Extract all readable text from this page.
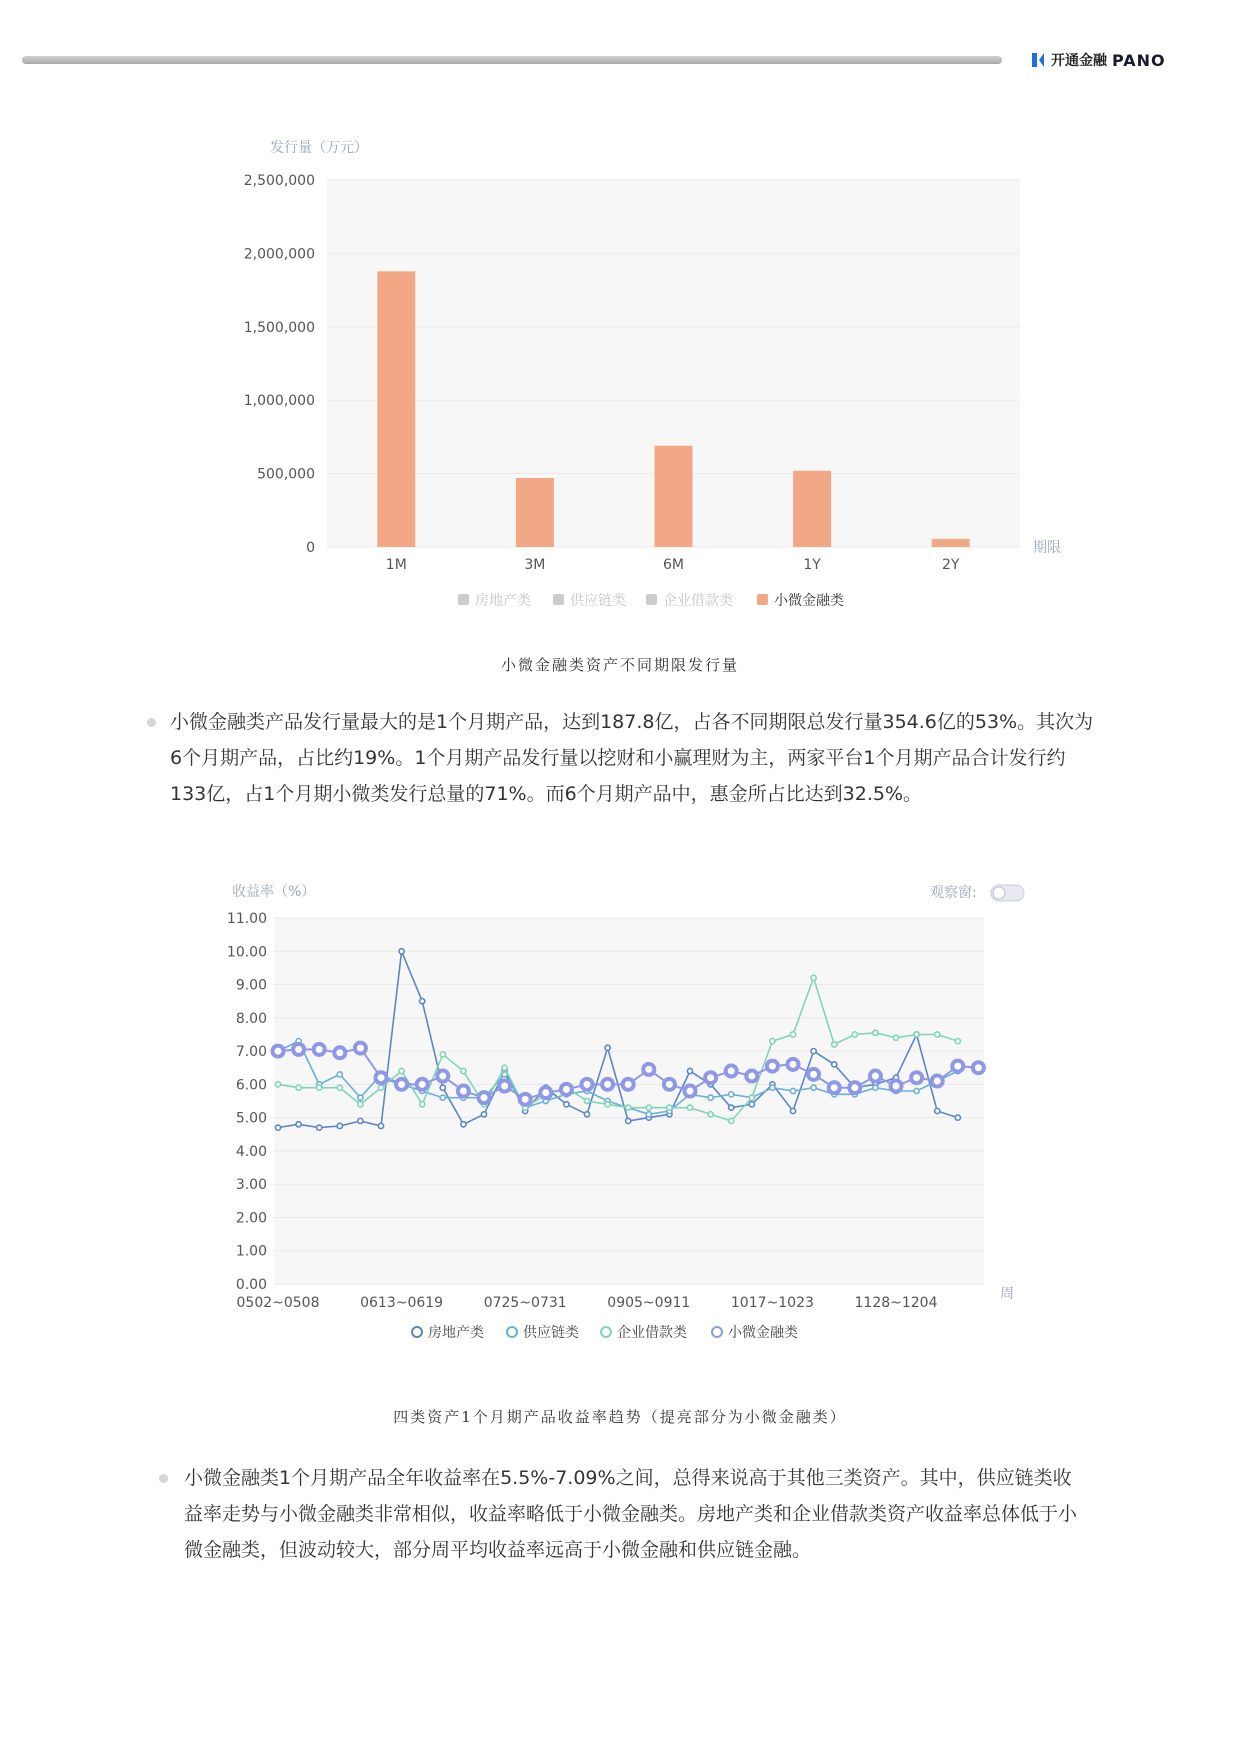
开通金融 PANO
发行量（万元）
期限
0
500,000
1,000,000
1,500,000
2,000,000
2,500,000
1M	3M	6M	1Y	2Y
房地产类	供应链类	企业借款类	小微金融类
小微金融类资产不同期限发行量
小微金融类产品发行量最大的是1个月期产品，达到187.8亿，占各不同期限总发行量354.6亿的53%。其次为6个月期产品，占比约19%。1个月期产品发行量以挖财和小赢理财为主，两家平台1个月期产品合计发行约133亿，占1个月期小微类发行总量的71%。而6个月期产品中，惠金所占比达到32.5%。
收益率（%）
周
观察窗:
0.00
1.00
2.00
3.00
4.00
5.00
6.00
7.00
8.00
9.00
10.00
11.00
0502~0508	0613~0619	0725~0731	0905~0911	1017~1023	1128~1204
房地产类	供应链类	企业借款类	小微金融类
四类资产1个月期产品收益率趋势（提亮部分为小微金融类）
小微金融类1个月期产品全年收益率在5.5%-7.09%之间，总得来说高于其他三类资产。其中，供应链类收益率走势与小微金融类非常相似，收益率略低于小微金融类。房地产类和企业借款类资产收益率总体低于小微金融类，但波动较大，部分周平均收益率远高于小微金融和供应链金融。
